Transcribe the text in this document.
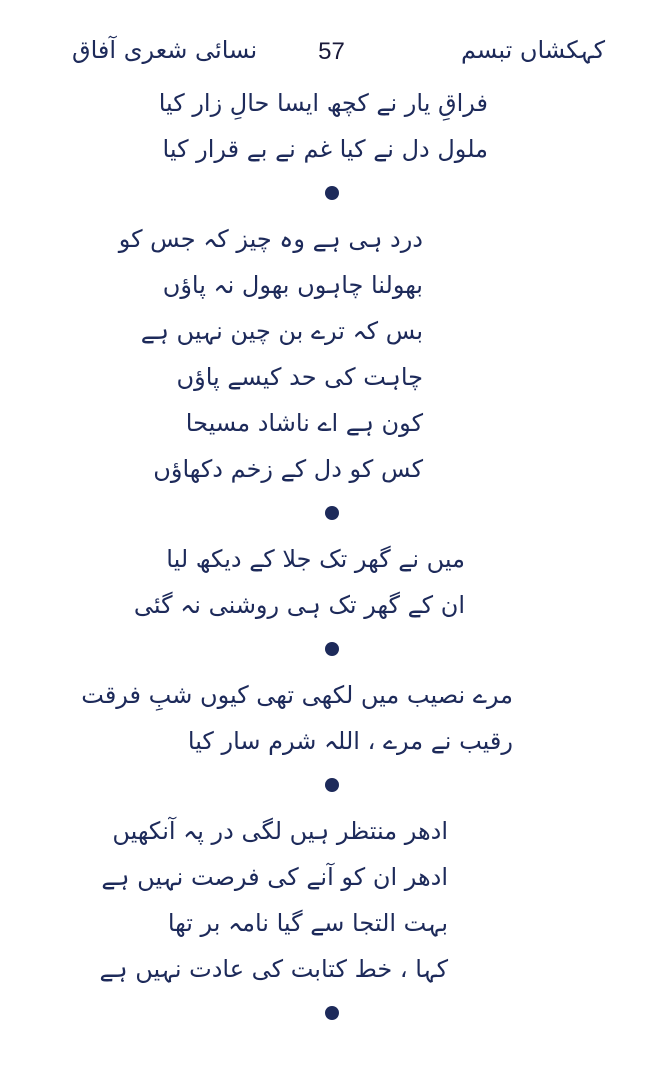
کہکشاں تبسم
57
نسائی شعری آفاق
فراقِ یار نے کچھ ایسا حالِ زار کیا
ملول دل نے کیا غم نے بے قرار کیا
درد ہی ہے وہ چیز کہ جس کو
بھولنا چاہوں بھول نہ پاؤں
بس کہ ترے بن چین نہیں ہے
چاہت کی حد کیسے پاؤں
کون ہے اے ناشاد مسیحا
کس کو دل کے زخم دکھاؤں
میں نے گھر تک جلا کے دیکھ لیا
ان کے گھر تک ہی روشنی نہ گئی
مرے نصیب میں لکھی تھی کیوں شبِ فرقت
رقیب نے مرے ، اللہ شرم سار کیا
ادھر منتظر ہیں لگی در پہ آنکھیں
ادھر ان کو آنے کی فرصت نہیں ہے
بہت التجا سے گیا نامہ بر تھا
کہا ، خط کتابت کی عادت نہیں ہے
